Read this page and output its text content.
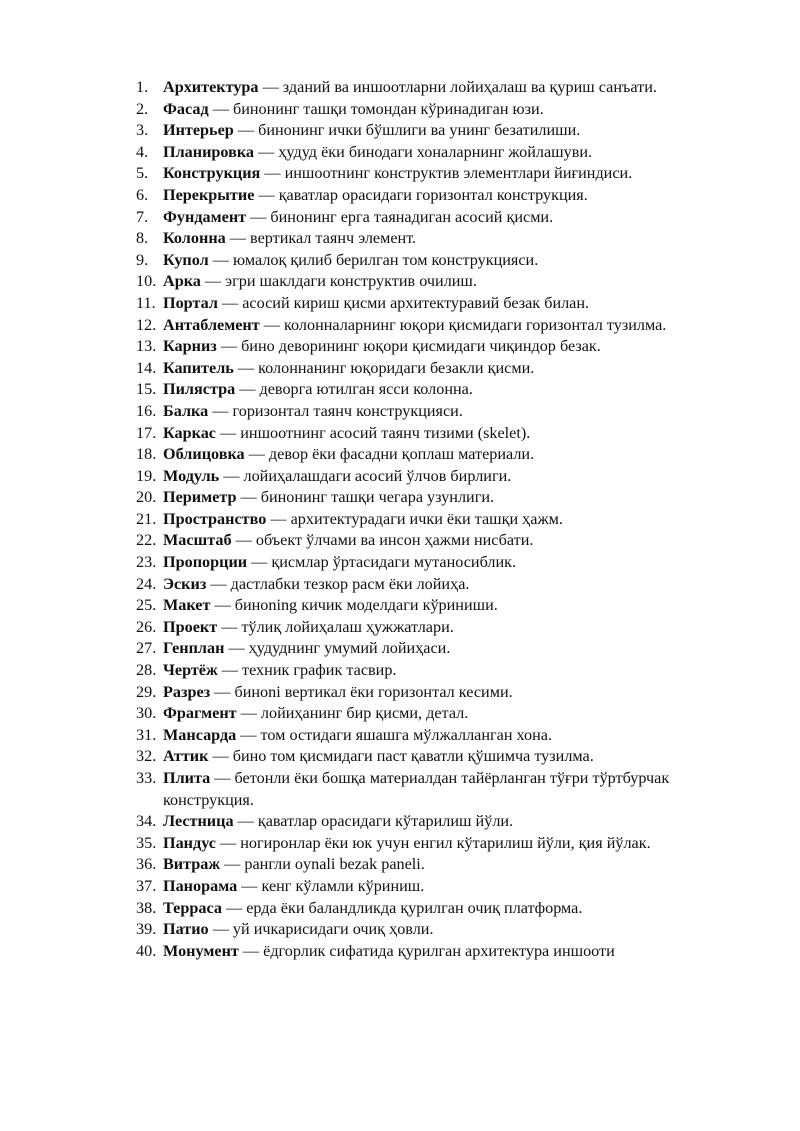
1. Архитектура — зданий ва иншоотларни лойиҳалаш ва қуриш санъати.
2. Фасад — бинонинг ташқи томондан кўринадиган юзи.
3. Интерьер — бинонинг ички бўшлиги ва унинг безатилиши.
4. Планировка — ҳудуд ёки бинодаги хоналарнинг жойлашуви.
5. Конструкция — иншоотнинг конструктив элементлари йиғиндиси.
6. Перекрытие — қаватлар орасидаги горизонтал конструкция.
7. Фундамент — бинонинг ерга таянадиган асосий қисми.
8. Колонна — вертикал таянч элемент.
9. Купол — юмалоқ қилиб берилган том конструкцияси.
10. Арка — эгри шаклдаги конструктив очилиш.
11. Портал — асосий кириш қисми архитектуравий безак билан.
12. Антаблемент — колонналарнинг юқори қисмидаги горизонтал тузилма.
13. Карниз — бино деворининг юқори қисмидаги чиқиндор безак.
14. Капитель — колоннанинг юқоридаги безакли қисми.
15. Пилястра — деворга ютилган ясси колонна.
16. Балка — горизонтал таянч конструкцияси.
17. Каркас — иншоотнинг асосий таянч тизими (skelet).
18. Облицовка — девор ёки фасадни қоплаш материали.
19. Модуль — лойиҳалашдаги асосий ўлчов бирлиги.
20. Периметр — бинонинг ташқи чегара узунлиги.
21. Пространство — архитектурадаги ички ёки ташқи ҳажм.
22. Масштаб — объект ўлчами ва инсон ҳажми нисбати.
23. Пропорции — қисмлар ўртасидаги мутаносиблик.
24. Эскиз — дастлабки тезкор расм ёки лойиҳа.
25. Макет — биноning кичик моделдаги кўриниши.
26. Проект — тўлиқ лойиҳалаш ҳужжатлари.
27. Генплан — ҳудуднинг умумий лойиҳаси.
28. Чертёж — техник график тасвир.
29. Разрез — биноni вертикал ёки горизонтал кесими.
30. Фрагмент — лойиҳанинг бир қисми, детал.
31. Мансарда — том остидаги яшашга мўлжалланган хона.
32. Аттик — бино том қисмидаги паст қаватли қўшимча тузилма.
33. Плита — бетонли ёки бошқа материалдан тайёрланган тўғри тўртбурчак конструкция.
34. Лестница — қаватлар орасидаги кўтарилиш йўли.
35. Пандус — ногиронлар ёки юк учун енгил кўтарилиш йўли, қия йўлак.
36. Витраж — рангли oynali bezak paneli.
37. Панорама — кенг кўламли кўриниш.
38. Терраса — ерда ёки баландликда қурилган очиқ платформа.
39. Патио — уй ичкарисидаги очиқ ҳовли.
40. Монумент — ёдгорлик сифатида қурилган архитектура иншооти
